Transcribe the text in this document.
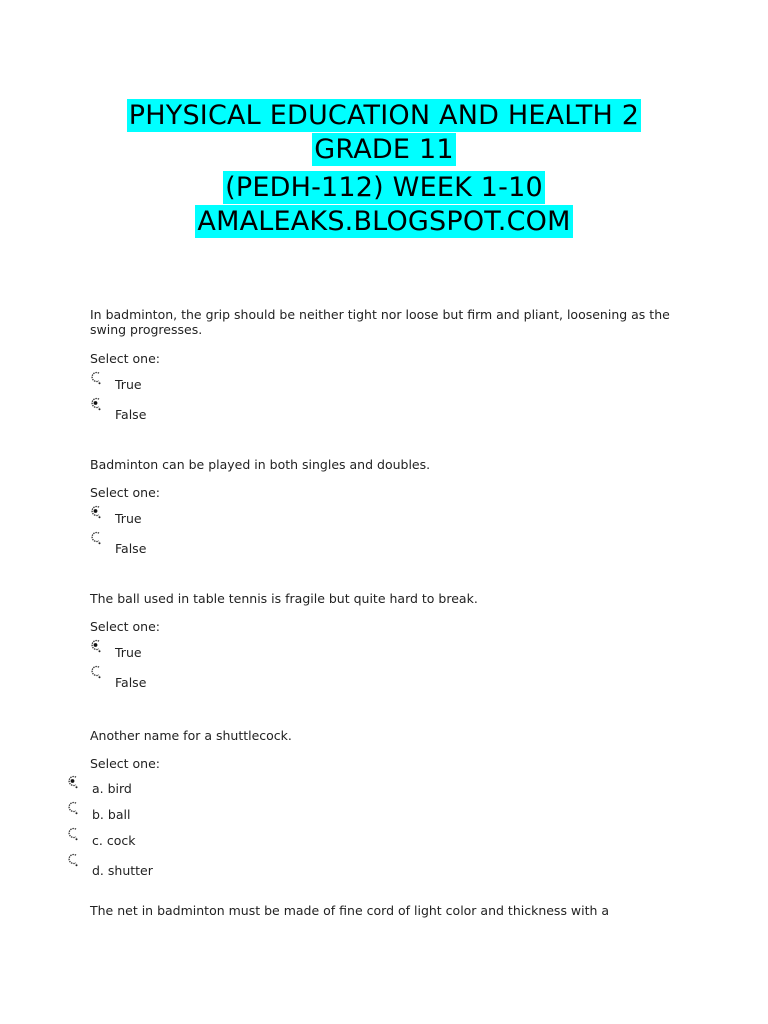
PHYSICAL EDUCATION AND HEALTH 2
GRADE 11
(PEDH-112) WEEK 1-10
AMALEAKS.BLOGSPOT.COM

In badminton, the grip should be neither tight nor loose but firm and pliant, loosening as the swing progresses.

Select one:

True
False

Badminton can be played in both singles and doubles.

Select one:

True
False

The ball used in table tennis is fragile but quite hard to break.

Select one:

True
False

Another name for a shuttlecock.

Select one:

a. bird
b. ball
c. cock
d. shutter

The net in badminton must be made of fine cord of light color and thickness with a
